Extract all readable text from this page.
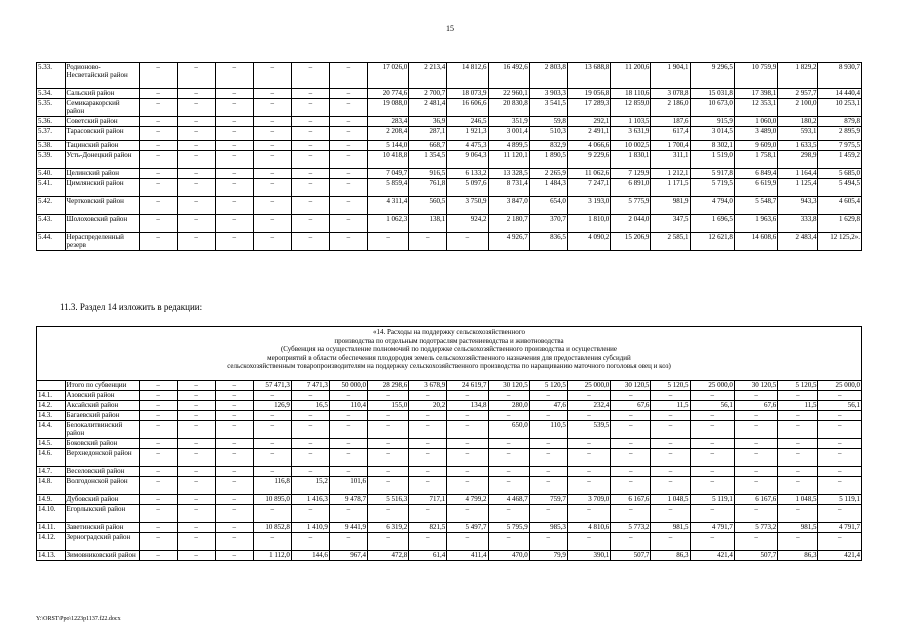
15
5.33.	Родионово-Несветайский район	–	–	–	–	–	–	17 026,0	2 213,4	14 812,6	16 492,6	2 803,8	13 688,8	11 200,6	1 904,1	9 296,5	10 759,9	1 829,2	8 930,7
5.34.	Сальский район	–	–	–	–	–	–	20 774,6	2 700,7	18 073,9	22 960,1	3 903,3	19 056,8	18 110,6	3 078,8	15 031,8	17 398,1	2 957,7	14 440,4
5.35.	Семикаракорский район	–	–	–	–	–	–	19 088,0	2 481,4	16 606,6	20 830,8	3 541,5	17 289,3	12 859,0	2 186,0	10 673,0	12 353,1	2 100,0	10 253,1
5.36.	Советский район	–	–	–	–	–	–	283,4	36,9	246,5	351,9	59,8	292,1	1 103,5	187,6	915,9	1 060,0	180,2	879,8
5.37.	Тарасовский район	–	–	–	–	–	–	2 208,4	287,1	1 921,3	3 001,4	510,3	2 491,1	3 631,9	617,4	3 014,5	3 489,0	593,1	2 895,9
5.38.	Тацинский район	–	–	–	–	–	–	5 144,0	668,7	4 475,3	4 899,5	832,9	4 066,6	10 002,5	1 700,4	8 302,1	9 609,0	1 633,5	7 975,5
5.39.	Усть-Донецкий район	–	–	–	–	–	–	10 418,8	1 354,5	9 064,3	11 120,1	1 890,5	9 229,6	1 830,1	311,1	1 519,0	1 758,1	298,9	1 459,2
5.40.	Целинский район	–	–	–	–	–	–	7 049,7	916,5	6 133,2	13 328,5	2 265,9	11 062,6	7 129,9	1 212,1	5 917,8	6 849,4	1 164,4	5 685,0
5.41.	Цимлянский район	–	–	–	–	–	–	5 859,4	761,8	5 097,6	8 731,4	1 484,3	7 247,1	6 891,0	1 171,5	5 719,5	6 619,9	1 125,4	5 494,5
5.42.	Чертковский район	–	–	–	–	–	–	4 311,4	560,5	3 750,9	3 847,0	654,0	3 193,0	5 775,9	981,9	4 794,0	5 548,7	943,3	4 605,4
5.43.	Шолоховский район	–	–	–	–	–	–	1 062,3	138,1	924,2	2 180,7	370,7	1 810,0	2 044,0	347,5	1 696,5	1 963,6	333,8	1 629,8
5.44.	Нераспределенный резерв	–	–	–	–	–	–	–	–	–	4 926,7	836,5	4 090,2	15 206,9	2 585,1	12 621,8	14 608,6	2 483,4	12 125,2».
11.3. Раздел 14 изложить в редакции:
«14. Расходы на поддержку сельскохозяйственного
производства по отдельным подотраслям растениеводства и животноводства
(Субвенция на осуществление полномочий по поддержке сельскохозяйственного производства и осуществление
мероприятий в области обеспечения плодородия земель сельскохозяйственного назначения для предоставления субсидий
сельскохозяйственным товаропроизводителям на поддержку сельскохозяйственного производства по наращиванию маточного поголовья овец и коз)
	Итого по субвенции	–	–	–	57 471,3	7 471,3	50 000,0	28 298,6	3 678,9	24 619,7	30 120,5	5 120,5	25 000,0	30 120,5	5 120,5	25 000,0	30 120,5	5 120,5	25 000,0
14.1.	Азовский район	–	–	–	–	–	–	–	–	–	–	–	–	–	–	–	–	–	–
14.2.	Аксайский район	–	–	–	126,9	16,5	110,4	155,0	20,2	134,8	280,0	47,6	232,4	67,6	11,5	56,1	67,6	11,5	56,1
14.3.	Багаевский район	–	–	–	–	–	–	–	–	–	–	–	–	–	–	–	–	–	–
14.4.	Белокалитвинский район	–	–	–	–	–	–	–	–	–	650,0	110,5	539,5	–	–	–	–	–	–
14.5.	Боковский район	–	–	–	–	–	–	–	–	–	–	–	–	–	–	–	–	–	–
14.6.	Верхнедонской район	–	–	–	–	–	–	–	–	–	–	–	–	–	–	–	–	–	–
14.7.	Веселовский район	–	–	–	–	–	–	–	–	–	–	–	–	–	–	–	–	–	–
14.8.	Волгодонской район	–	–	–	116,8	15,2	101,6	–	–	–	–	–	–	–	–	–	–	–	–
14.9.	Дубовский район	–	–	–	10 895,0	1 416,3	9 478,7	5 516,3	717,1	4 799,2	4 468,7	759,7	3 709,0	6 167,6	1 048,5	5 119,1	6 167,6	1 048,5	5 119,1
14.10.	Егорлыкский район	–	–	–	–	–	–	–	–	–	–	–	–	–	–	–	–	–	–
14.11.	Заветинский район	–	–	–	10 852,8	1 410,9	9 441,9	6 319,2	821,5	5 497,7	5 795,9	985,3	4 810,6	5 773,2	981,5	4 791,7	5 773,2	981,5	4 791,7
14.12.	Зерноградский район	–	–	–	–	–	–	–	–	–	–	–	–	–	–	–	–	–	–
14.13.	Зимовниковский район	–	–	–	1 112,0	144,6	967,4	472,8	61,4	411,4	470,0	79,9	390,1	507,7	86,3	421,4	507,7	86,3	421,4
Y:\ORST\Ppo\1223p1137.f22.docx
